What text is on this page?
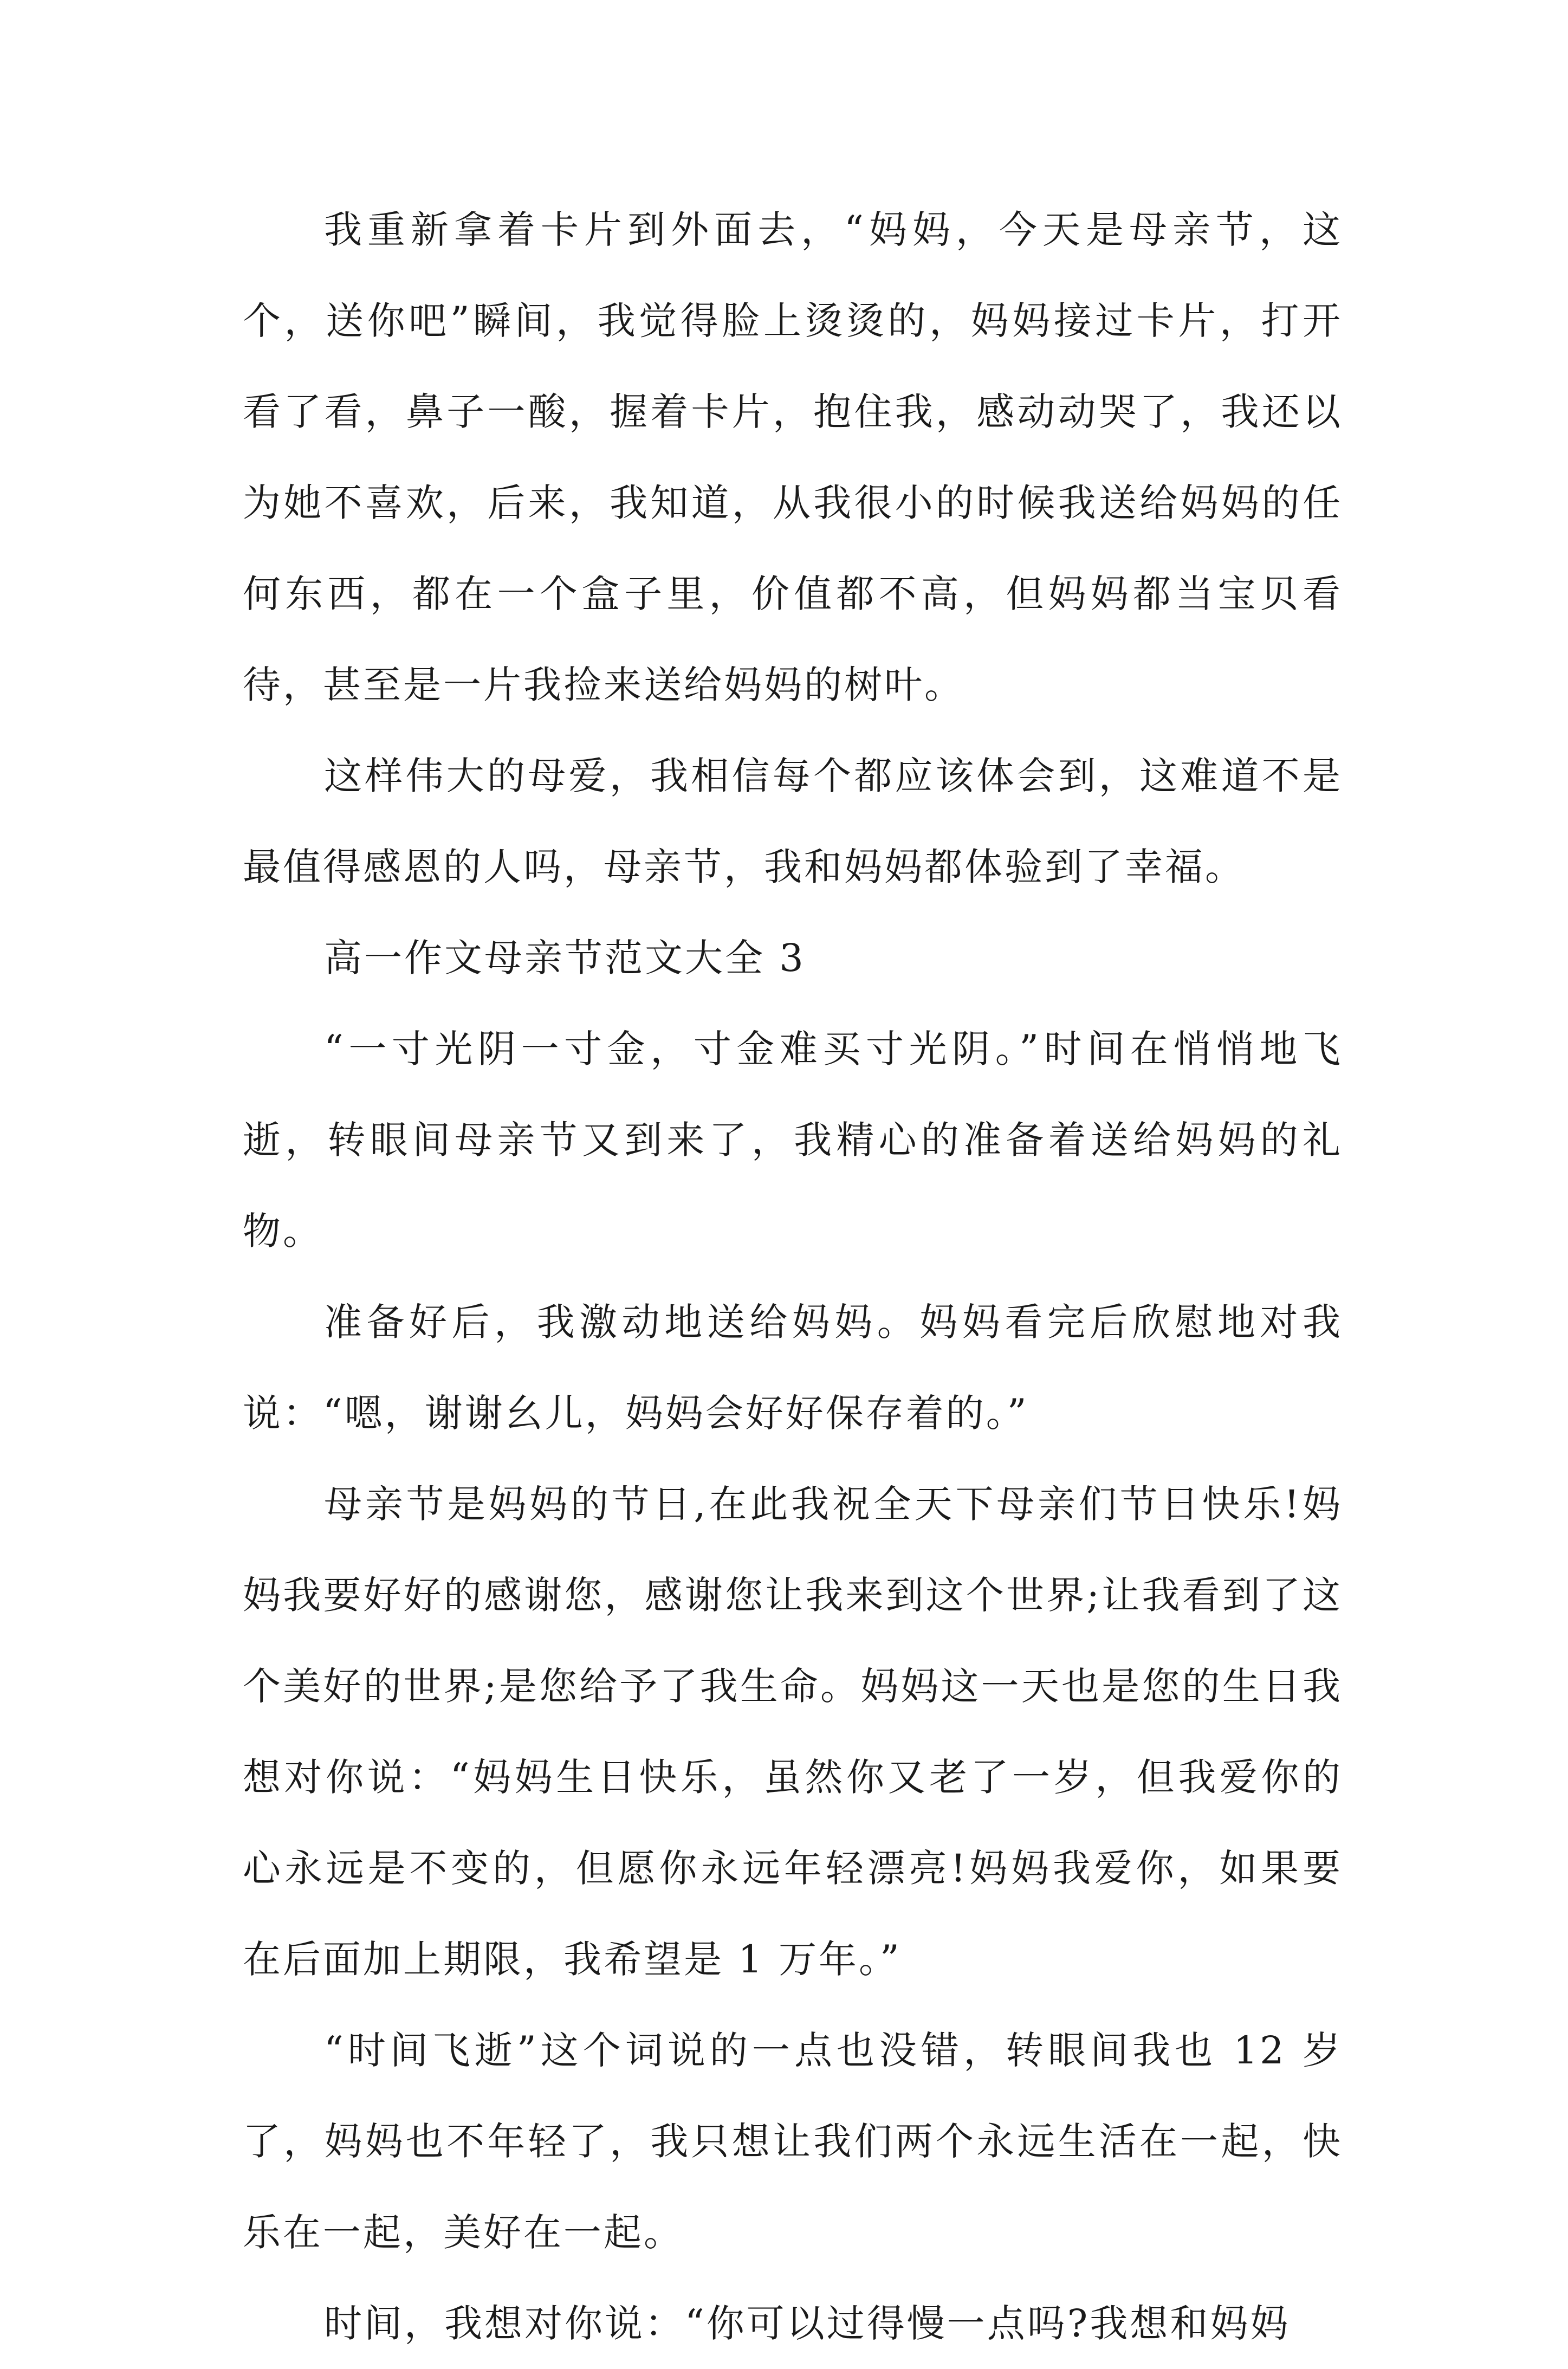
我重新拿着卡片到外面去，“妈妈，今天是母亲节，这个，送你吧”瞬间，我觉得脸上烫烫的，妈妈接过卡片，打开看了看，鼻子一酸，握着卡片，抱住我，感动动哭了，我还以为她不喜欢，后来，我知道，从我很小的时候我送给妈妈的任何东西，都在一个盒子里，价值都不高，但妈妈都当宝贝看待，甚至是一片我捡来送给妈妈的树叶。

这样伟大的母爱，我相信每个都应该体会到，这难道不是最值得感恩的人吗，母亲节，我和妈妈都体验到了幸福。

高一作文母亲节范文大全 3

“一寸光阴一寸金，寸金难买寸光阴。”时间在悄悄地飞逝，转眼间母亲节又到来了，我精心的准备着送给妈妈的礼物。

准备好后，我激动地送给妈妈。妈妈看完后欣慰地对我说：“嗯，谢谢幺儿，妈妈会好好保存着的。”

母亲节是妈妈的节日,在此我祝全天下母亲们节日快乐!妈妈我要好好的感谢您，感谢您让我来到这个世界;让我看到了这个美好的世界;是您给予了我生命。妈妈这一天也是您的生日我想对你说：“妈妈生日快乐，虽然你又老了一岁，但我爱你的心永远是不变的，但愿你永远年轻漂亮!妈妈我爱你，如果要在后面加上期限，我希望是 1 万年。”

“时间飞逝”这个词说的一点也没错，转眼间我也 12 岁了，妈妈也不年轻了，我只想让我们两个永远生活在一起，快乐在一起，美好在一起。

时间，我想对你说：“你可以过得慢一点吗?我想和妈妈
